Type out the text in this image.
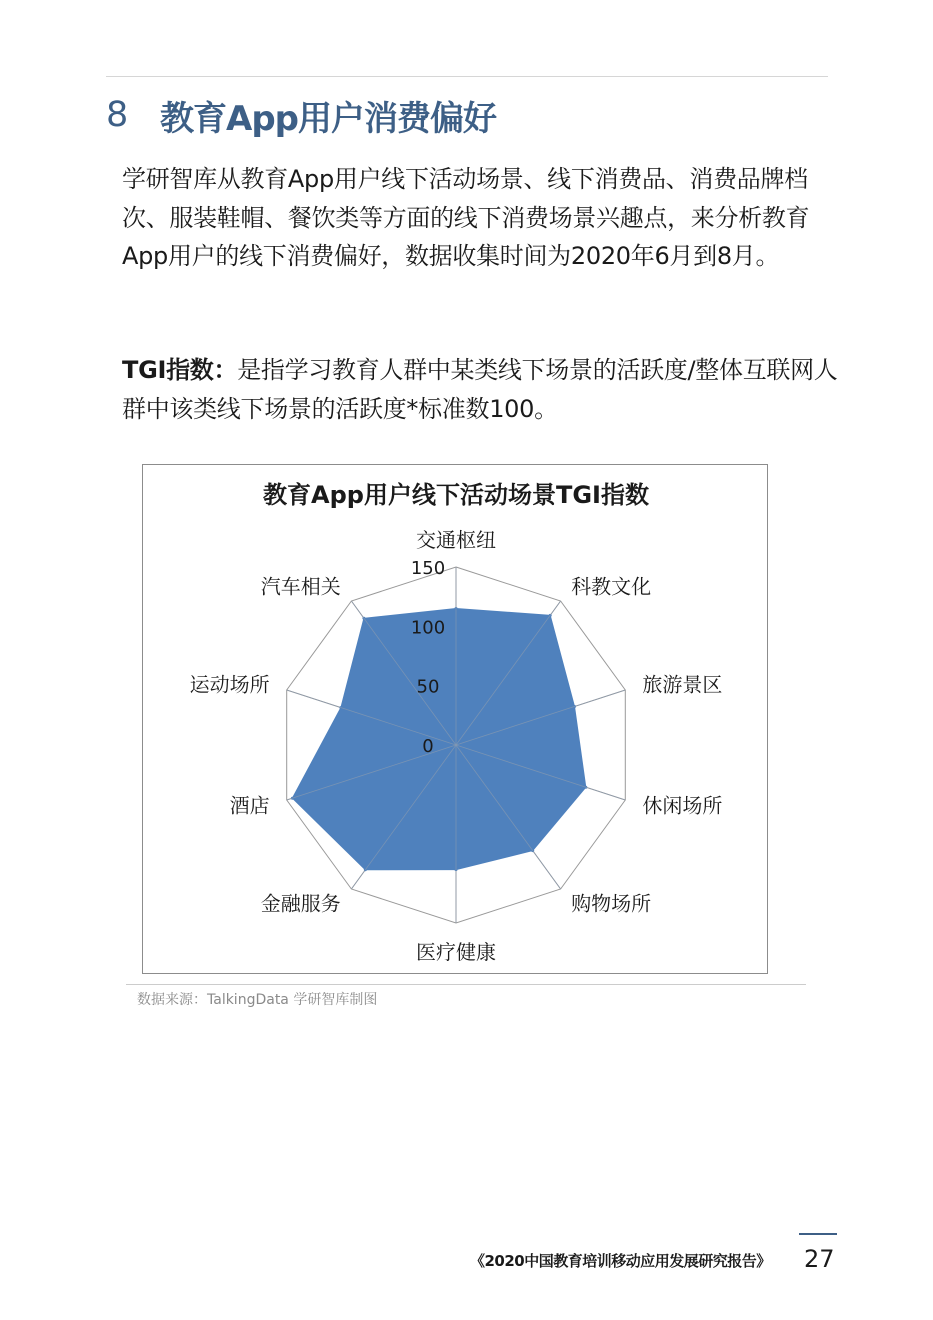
8 教育App用户消费偏好

学研智库从教育App用户线下活动场景、线下消费品、消费品牌档次、服装鞋帽、餐饮类等方面的线下消费场景兴趣点，来分析教育App用户的线下消费偏好，数据收集时间为2020年6月到8月。

TGI指数：是指学习教育人群中某类线下场景的活跃度/整体互联网人群中该类线下场景的活跃度*标准数100。

教育App用户线下活动场景TGI指数
0
50
100
150
交通枢纽
科教文化
旅游景区
休闲场所
购物场所
医疗健康
金融服务
酒店
运动场所
汽车相关
数据来源：TalkingData 学研智库制图
《2020中国教育培训移动应用发展研究报告》 27
